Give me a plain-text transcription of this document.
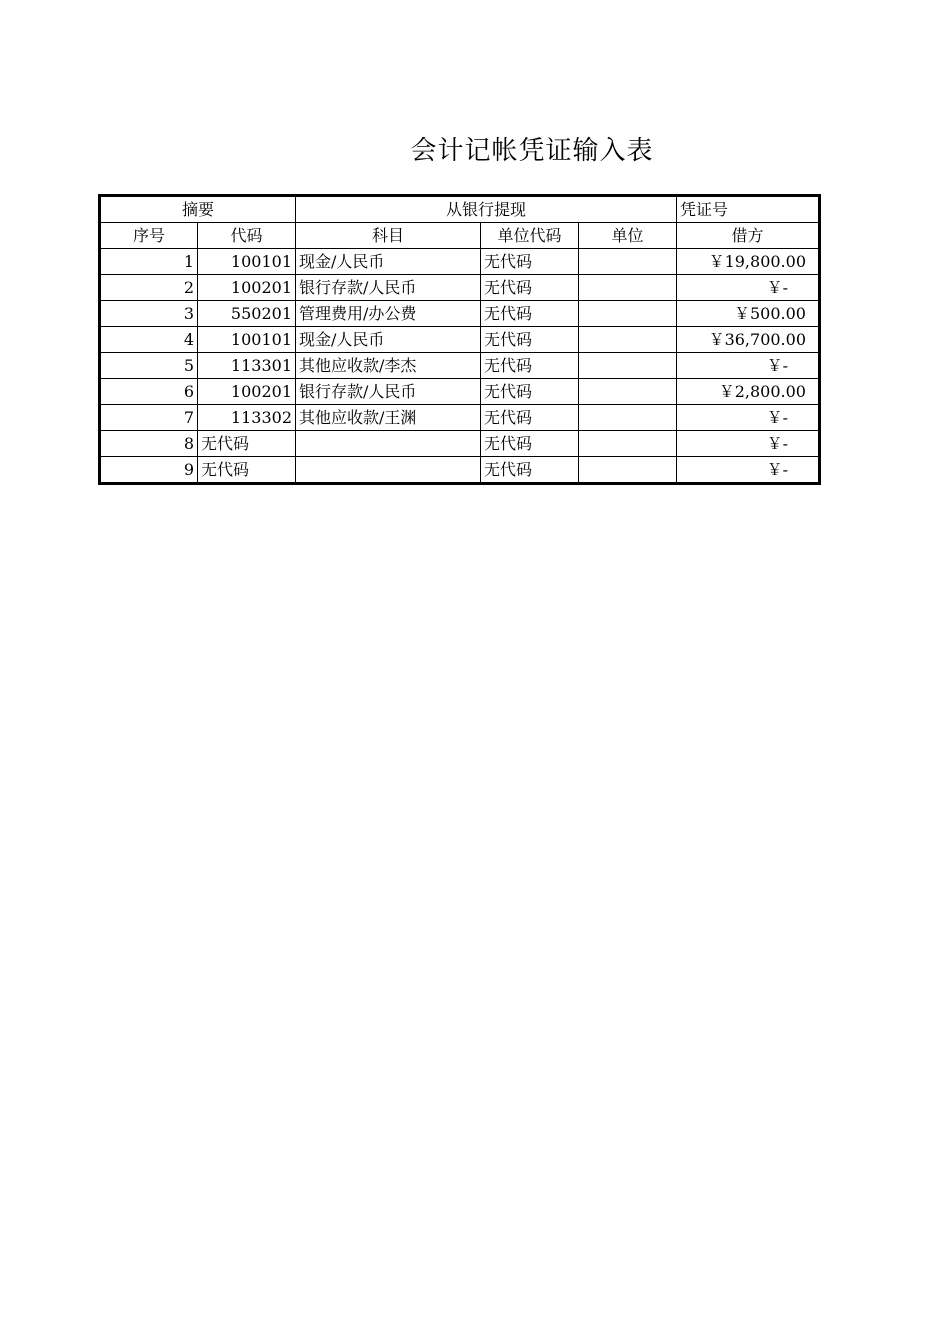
会计记帐凭证输入表
摘要		从银行提现			凭证号
序号	代码	科目	单位代码	单位	借方
1	100101	现金/人民币	无代码		￥19,800.00
2	100201	银行存款/人民币	无代码		￥-
3	550201	管理费用/办公费	无代码		￥500.00
4	100101	现金/人民币	无代码		￥36,700.00
5	113301	其他应收款/李杰	无代码		￥-
6	100201	银行存款/人民币	无代码		￥2,800.00
7	113302	其他应收款/王渊	无代码		￥-
8	无代码		无代码		￥-
9	无代码		无代码		￥-
